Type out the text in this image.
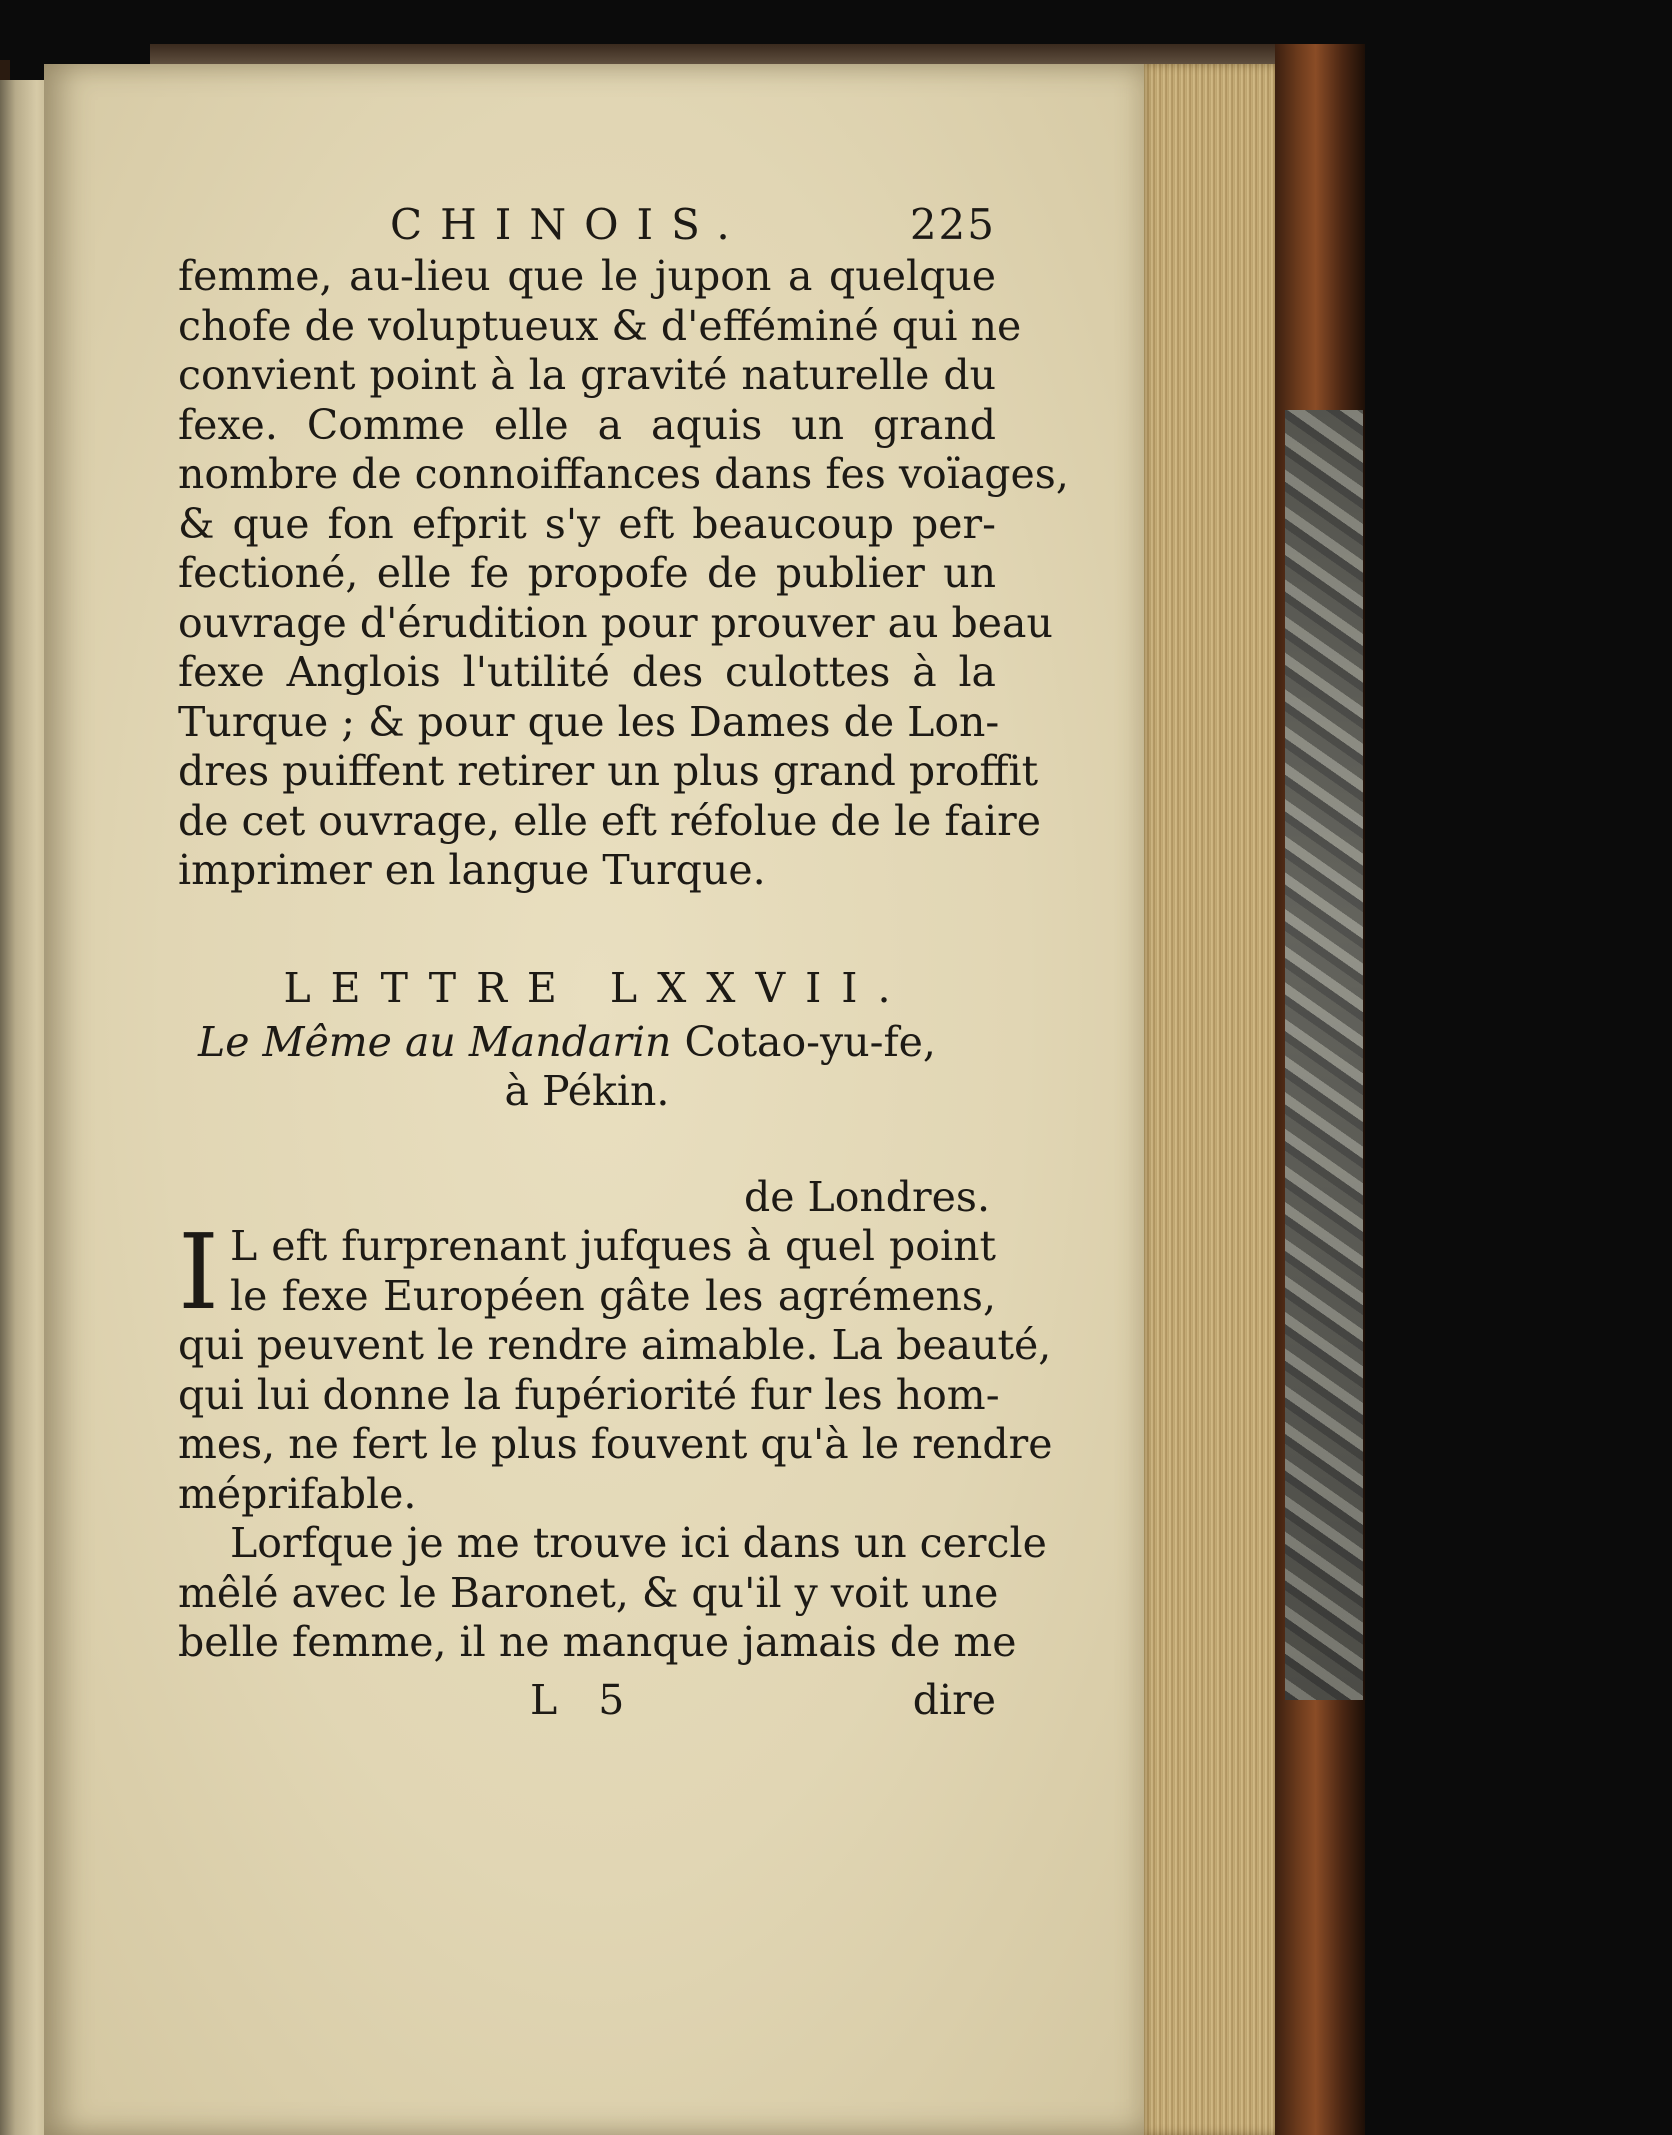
CHINOIS.	225
femme, au-lieu que le jupon a quelque
chofe de voluptueux & d'efféminé qui ne
convient point à la gravité naturelle du
fexe. Comme elle a aquis un grand
nombre de connoiffances dans fes voïages,
& que fon efprit s'y eft beaucoup per-
fectioné, elle fe propofe de publier un
ouvrage d'érudition pour prouver au beau
fexe Anglois l'utilité des culottes à la
Turque ; & pour que les Dames de Lon-
dres puiffent retirer un plus grand proffit
de cet ouvrage, elle eft réfolue de le faire
imprimer en langue Turque.
LETTRE LXXVII.
Le Même au Mandarin Cotao-yu-fe,
à Pékin.
de Londres.
I L eft furprenant jufques à quel point
le fexe Européen gâte les agrémens,
qui peuvent le rendre aimable. La beauté,
qui lui donne la fupériorité fur les hom-
mes, ne fert le plus fouvent qu'à le rendre
méprifable.
Lorfque je me trouve ici dans un cercle
mêlé avec le Baronet, & qu'il y voit une
belle femme, il ne manque jamais de me
L 5	dire
